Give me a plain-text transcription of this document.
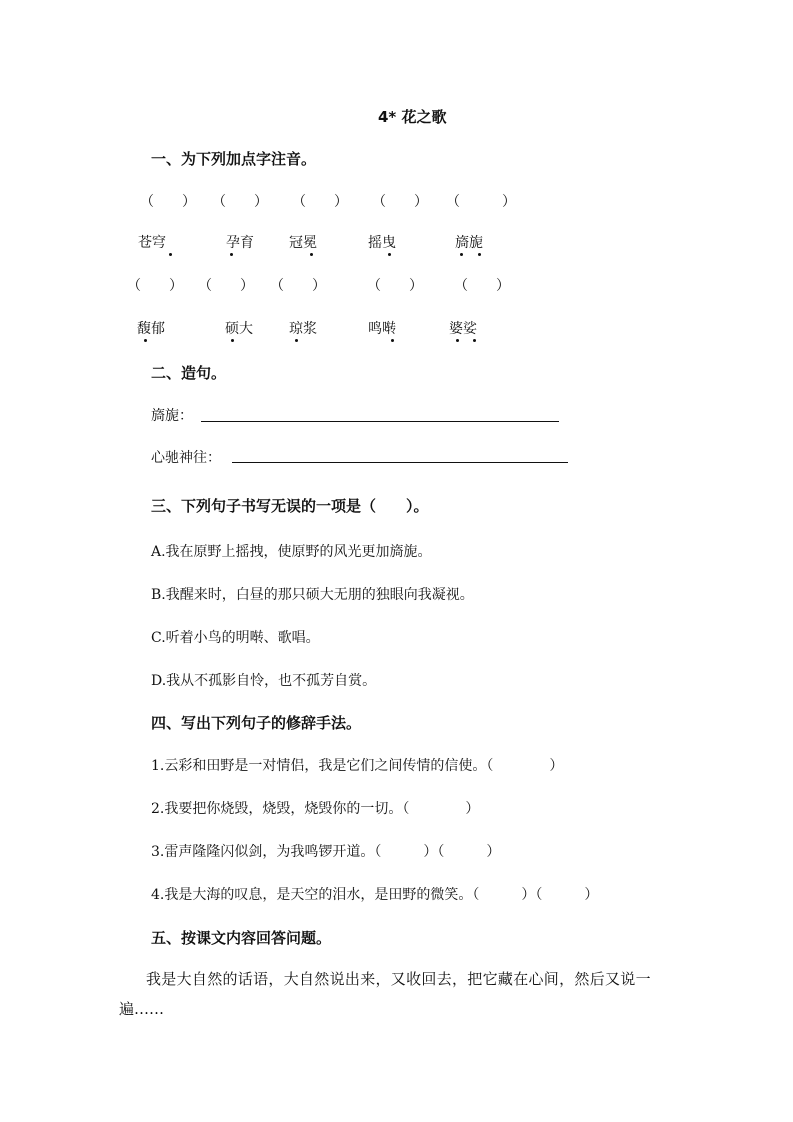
4* 花之歌
一、为下列加点字注音。
（　　） （　　） （　　） （　　） （　　　）
苍穹	孕育	冠冕	摇曳	旖旎
（　　） （　　） （　　）	（　　） （　　）
馥郁	硕大	琼浆	鸣啭	婆娑
二、造句。
旖旎：
心驰神往：
三、下列句子书写无误的一项是（　　）。
A.我在原野上摇拽，使原野的风光更加旖旎。
B.我醒来时，白昼的那只硕大无朋的独眼向我凝视。
C.听着小鸟的明啭、歌唱。
D.我从不孤影自怜，也不孤芳自赏。
四、写出下列句子的修辞手法。
1.云彩和田野是一对情侣，我是它们之间传情的信使。（　　　　）
2.我要把你烧毁，烧毁，烧毁你的一切。（　　　　）
3.雷声隆隆闪似剑，为我鸣锣开道。（　　　）（　　　）
4.我是大海的叹息，是天空的泪水，是田野的微笑。（　　　）（　　　）
五、按课文内容回答问题。
我是大自然的话语，大自然说出来，又收回去，把它藏在心间，然后又说一
遍……
